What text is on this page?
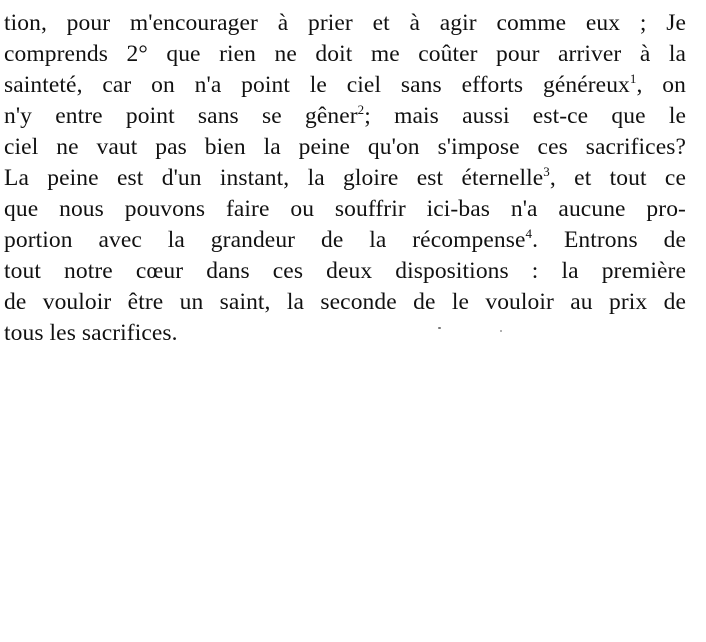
tion, pour m'encourager à prier et à agir comme eux ; Je
comprends 2° que rien ne doit me coûter pour arriver à la
sainteté, car on n'a point le ciel sans efforts généreux$^1$, on
n'y entre point sans se gêner$^2$; mais aussi est-ce que le
ciel ne vaut pas bien la peine qu'on s'impose ces sacrifices?
La peine est d'un instant, la gloire est éternelle$^3$, et tout ce
que nous pouvons faire ou souffrir ici-bas n'a aucune pro-
portion avec la grandeur de la récompense$^4$. Entrons de
tout notre cœur dans ces deux dispositions : la première
de vouloir être un saint, la seconde de le vouloir au prix de
tous les sacrifices.
